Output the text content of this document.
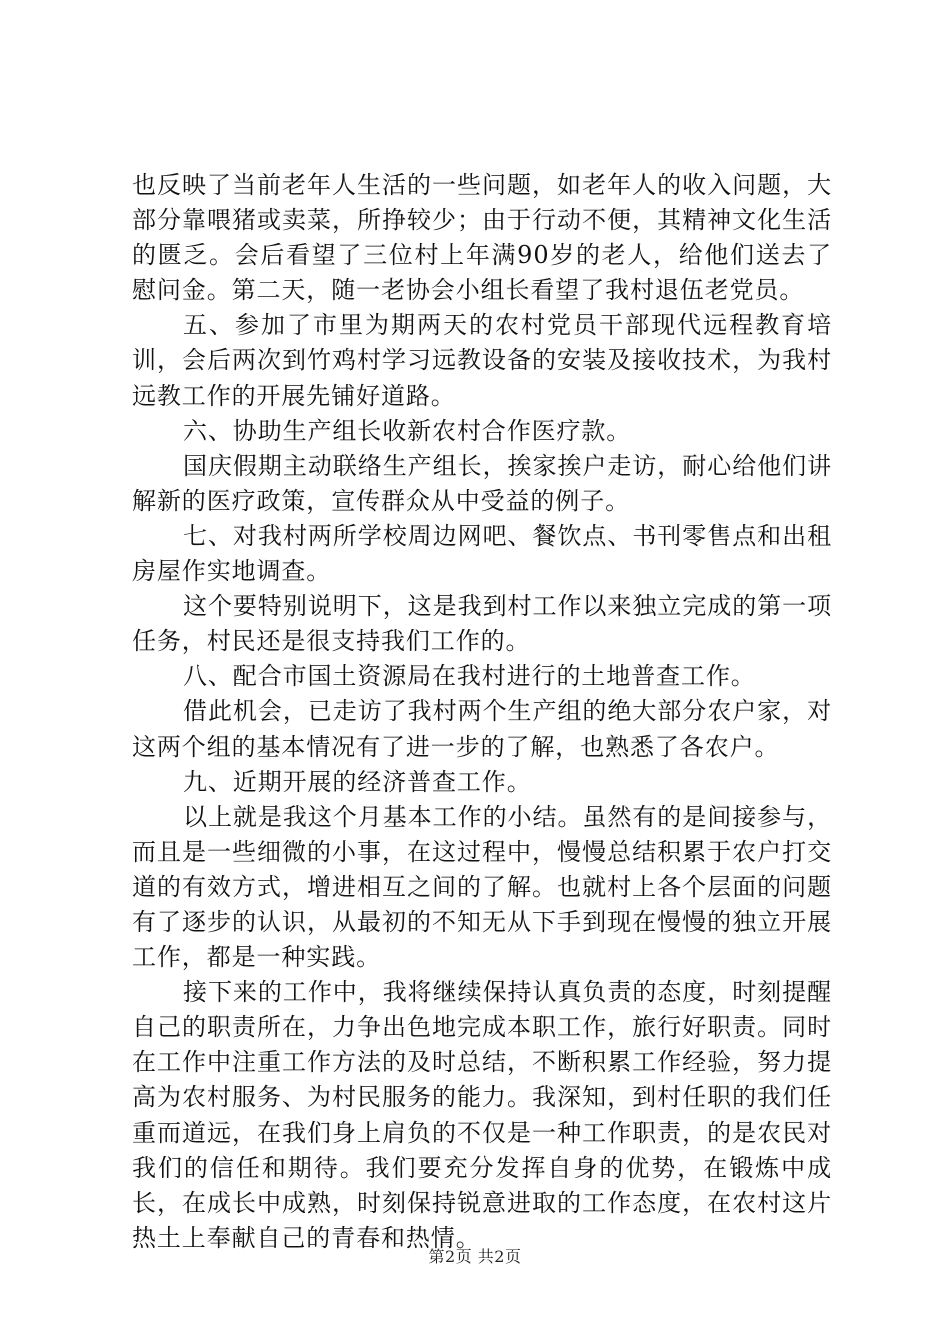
也反映了当前老年人生活的一些问题，如老年人的收入问题，大部分靠喂猪或卖菜，所挣较少；由于行动不便，其精神文化生活的匮乏。会后看望了三位村上年满90岁的老人，给他们送去了慰问金。第二天，随一老协会小组长看望了我村退伍老党员。

五、参加了市里为期两天的农村党员干部现代远程教育培训，会后两次到竹鸡村学习远教设备的安装及接收技术，为我村远教工作的开展先铺好道路。

六、协助生产组长收新农村合作医疗款。

国庆假期主动联络生产组长，挨家挨户走访，耐心给他们讲解新的医疗政策，宣传群众从中受益的例子。

七、对我村两所学校周边网吧、餐饮点、书刊零售点和出租房屋作实地调查。

这个要特别说明下，这是我到村工作以来独立完成的第一项任务，村民还是很支持我们工作的。

八、配合市国土资源局在我村进行的土地普查工作。

借此机会，已走访了我村两个生产组的绝大部分农户家，对这两个组的基本情况有了进一步的了解，也熟悉了各农户。

九、近期开展的经济普查工作。

以上就是我这个月基本工作的小结。虽然有的是间接参与，而且是一些细微的小事，在这过程中，慢慢总结积累于农户打交道的有效方式，增进相互之间的了解。也就村上各个层面的问题有了逐步的认识，从最初的不知无从下手到现在慢慢的独立开展工作，都是一种实践。

接下来的工作中，我将继续保持认真负责的态度，时刻提醒自己的职责所在，力争出色地完成本职工作，旅行好职责。同时在工作中注重工作方法的及时总结，不断积累工作经验，努力提高为农村服务、为村民服务的能力。我深知，到村任职的我们任重而道远，在我们身上肩负的不仅是一种工作职责，的是农民对我们的信任和期待。我们要充分发挥自身的优势，在锻炼中成长，在成长中成熟，时刻保持锐意进取的工作态度，在农村这片热土上奉献自己的青春和热情。

第2页 共2页
